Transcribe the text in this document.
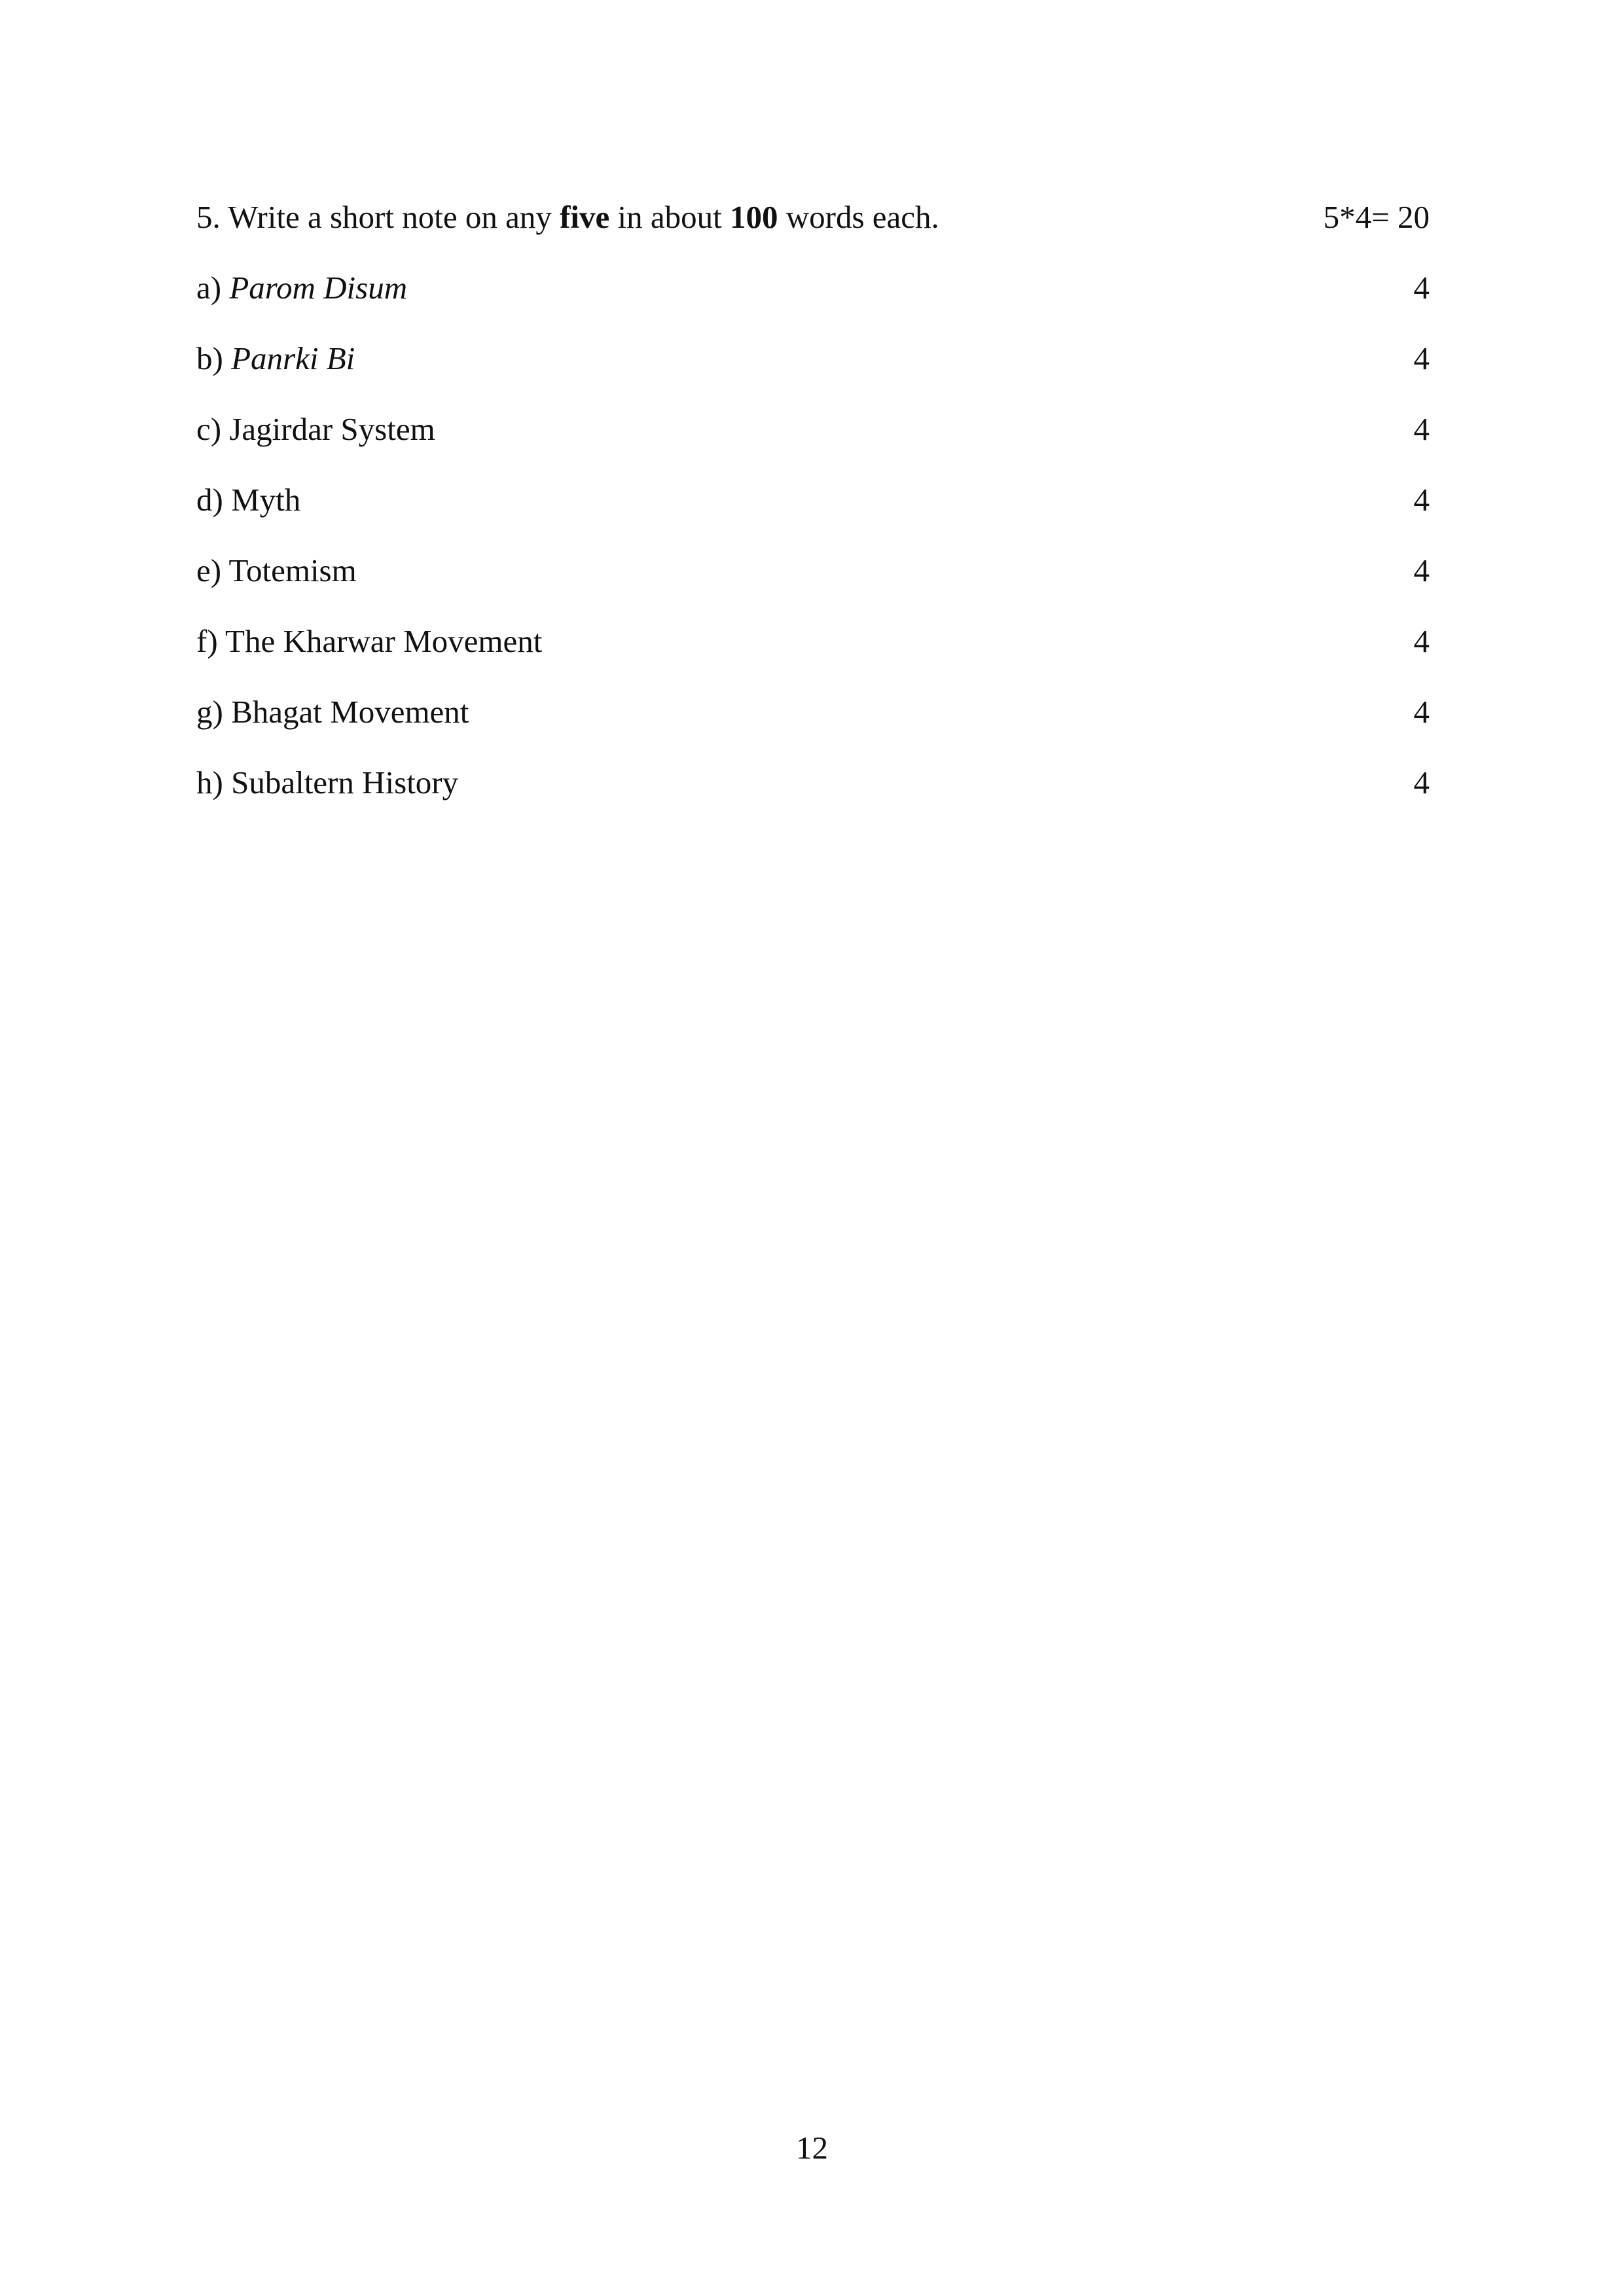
5. Write a short note on any five in about 100 words each.	5*4= 20
a) Parom Disum	4
b) Panrki Bi	4
c) Jagirdar System	4
d) Myth	4
e) Totemism	4
f) The Kharwar Movement	4
g) Bhagat Movement	4
h) Subaltern History	4
12
